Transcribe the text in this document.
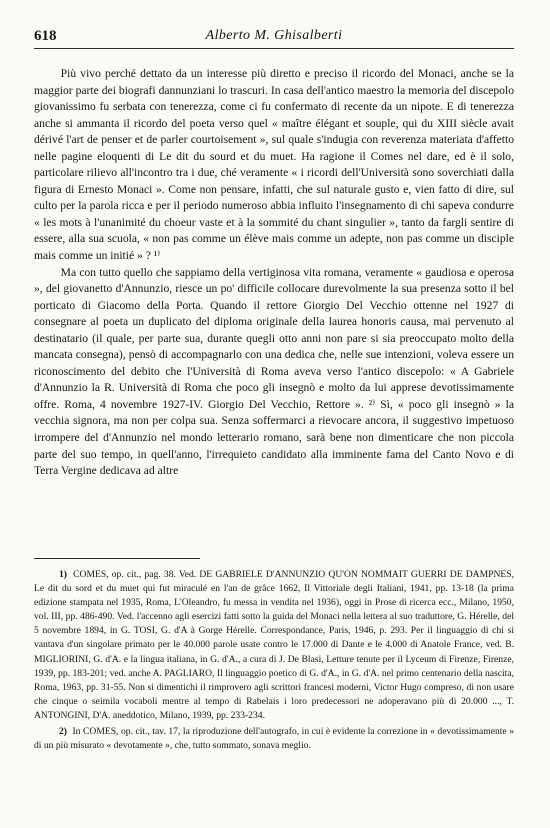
618	Alberto M. Ghisalberti

Più vivo perché dettato da un interesse più diretto e preciso il ricordo del Monaci, anche se la maggior parte dei biografi dannunziani lo trascuri. In casa dell'antico maestro la memoria del discepolo giovanissimo fu serbata con tenerezza, come ci fu confermato di recente da un nipote. E di tenerezza anche si ammanta il ricordo del poeta verso quel « maître élégant et souple, qui du XIII siècle avait dérivé l'art de penser et de parler courtoisement », sul quale s'indugia con reverenza materiata d'affetto nelle pagine eloquenti di Le dit du sourd et du muet. Ha ragione il Comes nel dare, ed è il solo, particolare rilievo all'incontro tra i due, ché veramente « i ricordi dell'Università sono soverchiati dalla figura di Ernesto Monaci ». Come non pensare, infatti, che sul naturale gusto e, vien fatto di dire, sul culto per la parola ricca e per il periodo numeroso abbia influito l'insegnamento di chi sapeva condurre « les mots à l'unanimité du choeur vaste et à la sommité du chant singulier », tanto da fargli sentire di essere, alla sua scuola, « non pas comme un élève mais comme un adepte, non pas comme un disciple mais comme un initié » ? ¹⁾

Ma con tutto quello che sappiamo della vertiginosa vita romana, veramente « gaudiosa e operosa », del giovanetto d'Annunzio, riesce un po' difficile collocare durevolmente la sua presenza sotto il bel porticato di Giacomo della Porta. Quando il rettore Giorgio Del Vecchio ottenne nel 1927 di consegnare al poeta un duplicato del diploma originale della laurea honoris causa, mai pervenuto al destinatario (il quale, per parte sua, durante quegli otto anni non pare si sia preoccupato molto della mancata consegna), pensò di accompagnarlo con una dedica che, nelle sue intenzioni, voleva essere un riconoscimento del debito che l'Università di Roma aveva verso l'antico discepolo: « A Gabriele d'Annunzio la R. Università di Roma che poco gli insegnò e molto da lui apprese devotissimamente offre. Roma, 4 novembre 1927-IV. Giorgio Del Vecchio, Rettore ». ²⁾ Sì, « poco gli insegnò » la vecchia signora, ma non per colpa sua. Senza soffermarci a rievocare ancora, il suggestivo impetuoso irrompere del d'Annunzio nel mondo letterario romano, sarà bene non dimenticare che non piccola parte del suo tempo, in quell'anno, l'irrequieto candidato alla imminente fama del Canto Novo e di Terra Vergine dedicava ad altre

1) COMES, op. cit., pag. 38. Ved. DE GABRIELE D'ANNUNZIO QU'ON NOMMAIT GUERRI DE DAMPNES, Le dit du sord et du muet qui fut miraculé en l'an de grâce 1662, Il Vittoriale degli Italiani, 1941, pp. 13-18 (la prima edizione stampata nel 1935, Roma, L'Oleandro, fu messa in vendita nel 1936), oggi in Prose di ricerca ecc., Milano, 1950, vol. III, pp. 486-490. Ved. l'accenno agli esercizi fatti sotto la guida del Monaci nella lettera al suo traduttore, G. Hérelle, del 5 novembre 1894, in G. TOSI, G. d'A à Gorge Hérelle. Correspondance, Paris, 1946, p. 293. Per il linguaggio di chi si vantava d'un singolare primato per le 40.000 parole usate contro le 17.000 di Dante e le 4.000 di Anatole France, ved. B. MIGLIORINI, G. d'A. e la lingua italiana, in G. d'A., a cura di J. De Blasi, Letture tenute per il Lyceum di Firenze, Firenze, 1939, pp. 183-201; ved. anche A. PAGLIARO, Il linguaggio poetico di G. d'A., in G. d'A. nel primo centenario della nascita, Roma, 1963, pp. 31-55. Non si dimentichi il rimprovero agli scrittori francesi moderni, Victor Hugo compreso, di non usare che cinque o seimila vocaboli mentre al tempo di Rabelais i loro predecessori ne adoperavano più di 20.000 ..., T. ANTONGINI, D'A. aneddotico, Milano, 1939, pp. 233-234.

2) In COMES, op. cit., tav. 17, la riproduzione dell'autografo, in cui è evidente la correzione in « devotissimamente » di un più misurato « devotamente », che, tutto sommato, sonava meglio.
